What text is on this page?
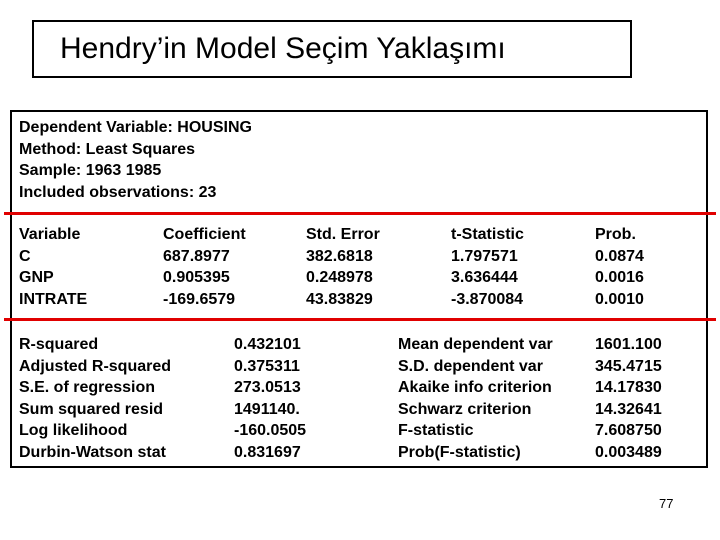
Hendry’in Model Seçim Yaklaşımı
Dependent Variable: HOUSING
Method: Least Squares
Sample: 1963 1985
Included observations: 23
Variable
C
GNP
INTRATE
Coefficient
687.8977
0.905395
-169.6579
Std. Error
382.6818
0.248978
43.83829
t-Statistic
1.797571
3.636444
-3.870084
Prob.
0.0874
0.0016
0.0010
R-squared
Adjusted R-squared
S.E. of regression
Sum squared resid
Log likelihood
Durbin-Watson stat
0.432101
0.375311
273.0513
1491140.
-160.0505
0.831697
Mean dependent var
S.D. dependent var
Akaike info criterion
Schwarz criterion
F-statistic
Prob(F-statistic)
1601.100
345.4715
14.17830
14.32641
7.608750
0.003489
77
